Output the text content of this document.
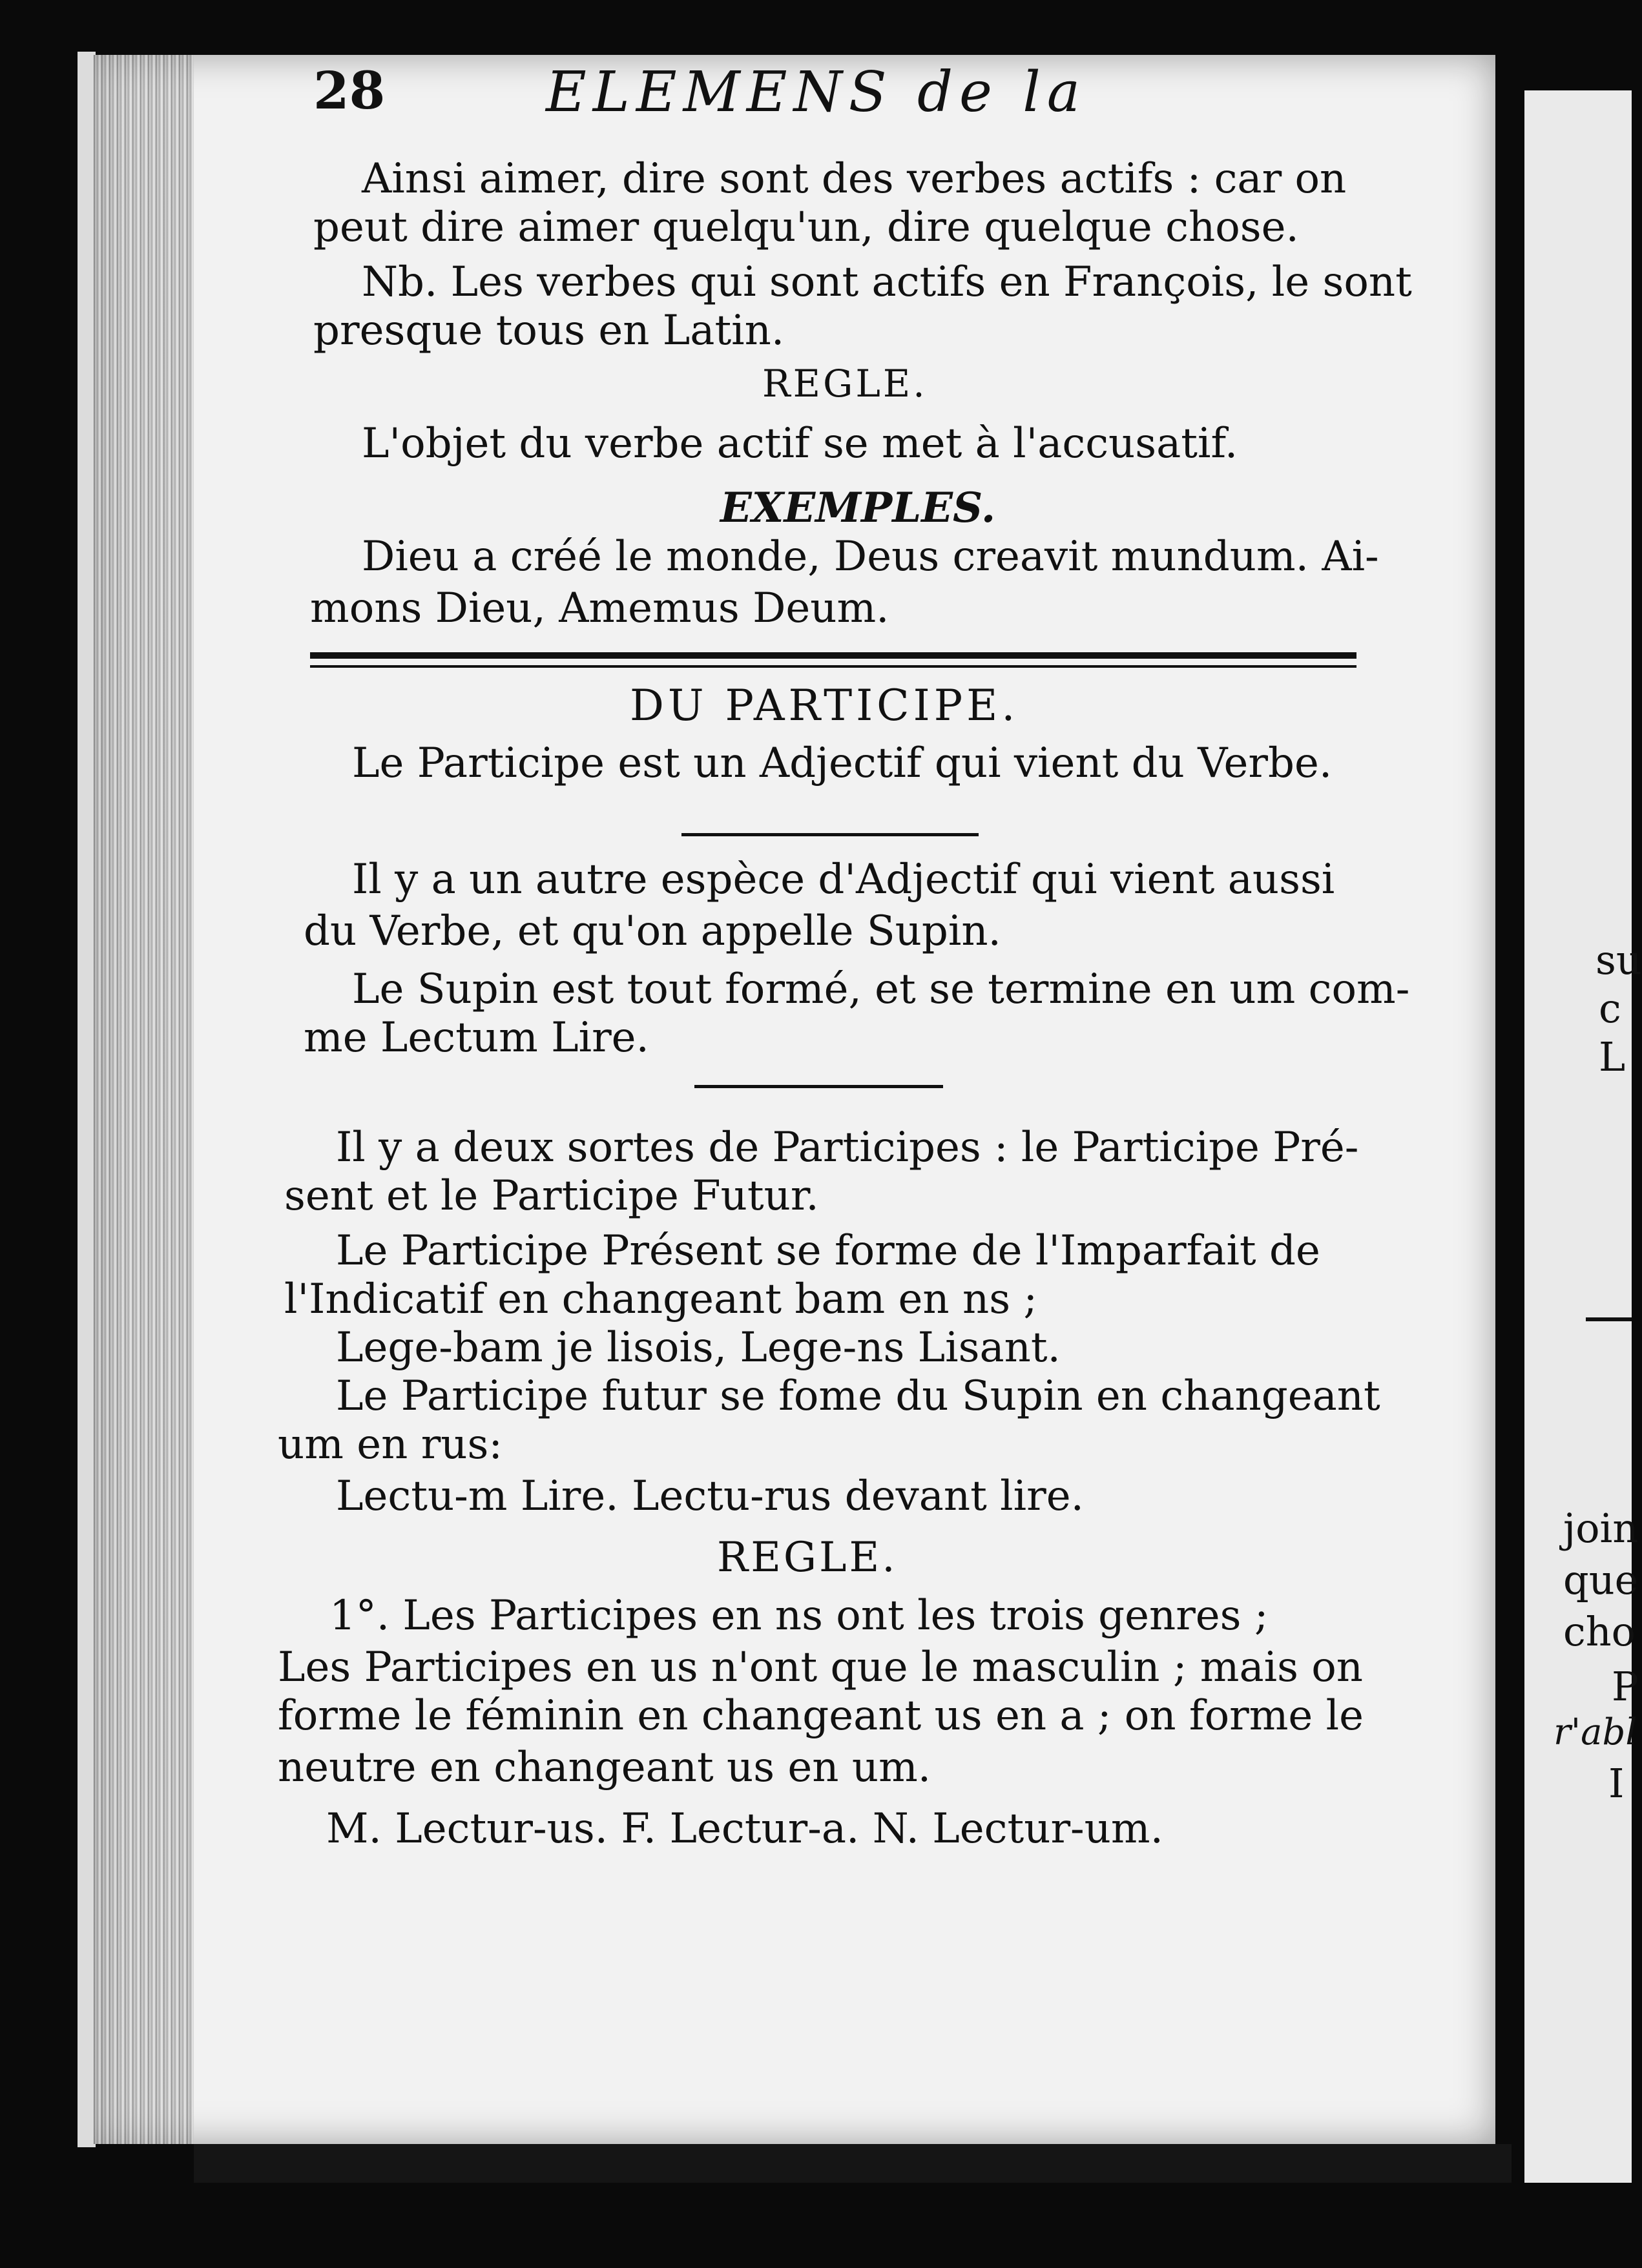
28	ELEMENS de la
Ainsi aimer, dire sont des verbes actifs : car on
peut dire aimer quelqu'un, dire quelque chose.
Nb. Les verbes qui sont actifs en François, le sont
presque tous en Latin.
REGLE.
L'objet du verbe actif se met à l'accusatif.
EXEMPLES.
Dieu a créé le monde, Deus creavit mundum. Ai-
mons Dieu, Amemus Deum.
DU PARTICIPE.
Le Participe est un Adjectif qui vient du Verbe.
Il y a un autre espèce d'Adjectif qui vient aussi
du Verbe, et qu'on appelle Supin.
Le Supin est tout formé, et se termine en um com-
me Lectum Lire.
Il y a deux sortes de Participes : le Participe Pré-
sent et le Participe Futur.
Le Participe Présent se forme de l'Imparfait de
l'Indicatif en changeant bam en ns ;
Lege-bam je lisois, Lege-ns Lisant.
Le Participe futur se fome du Supin en changeant
um en rus:
Lectu-m Lire. Lectu-rus devant lire.
REGLE.
1°. Les Participes en ns ont les trois genres ;
Les Participes en us n'ont que le masculin ; mais on
forme le féminin en changeant us en a ; on forme le
neutre en changeant us en um.
M. Lectur-us. F. Lectur-a. N. Lectur-um.
su
c
L
join
que
cho
P
r'abl
I
